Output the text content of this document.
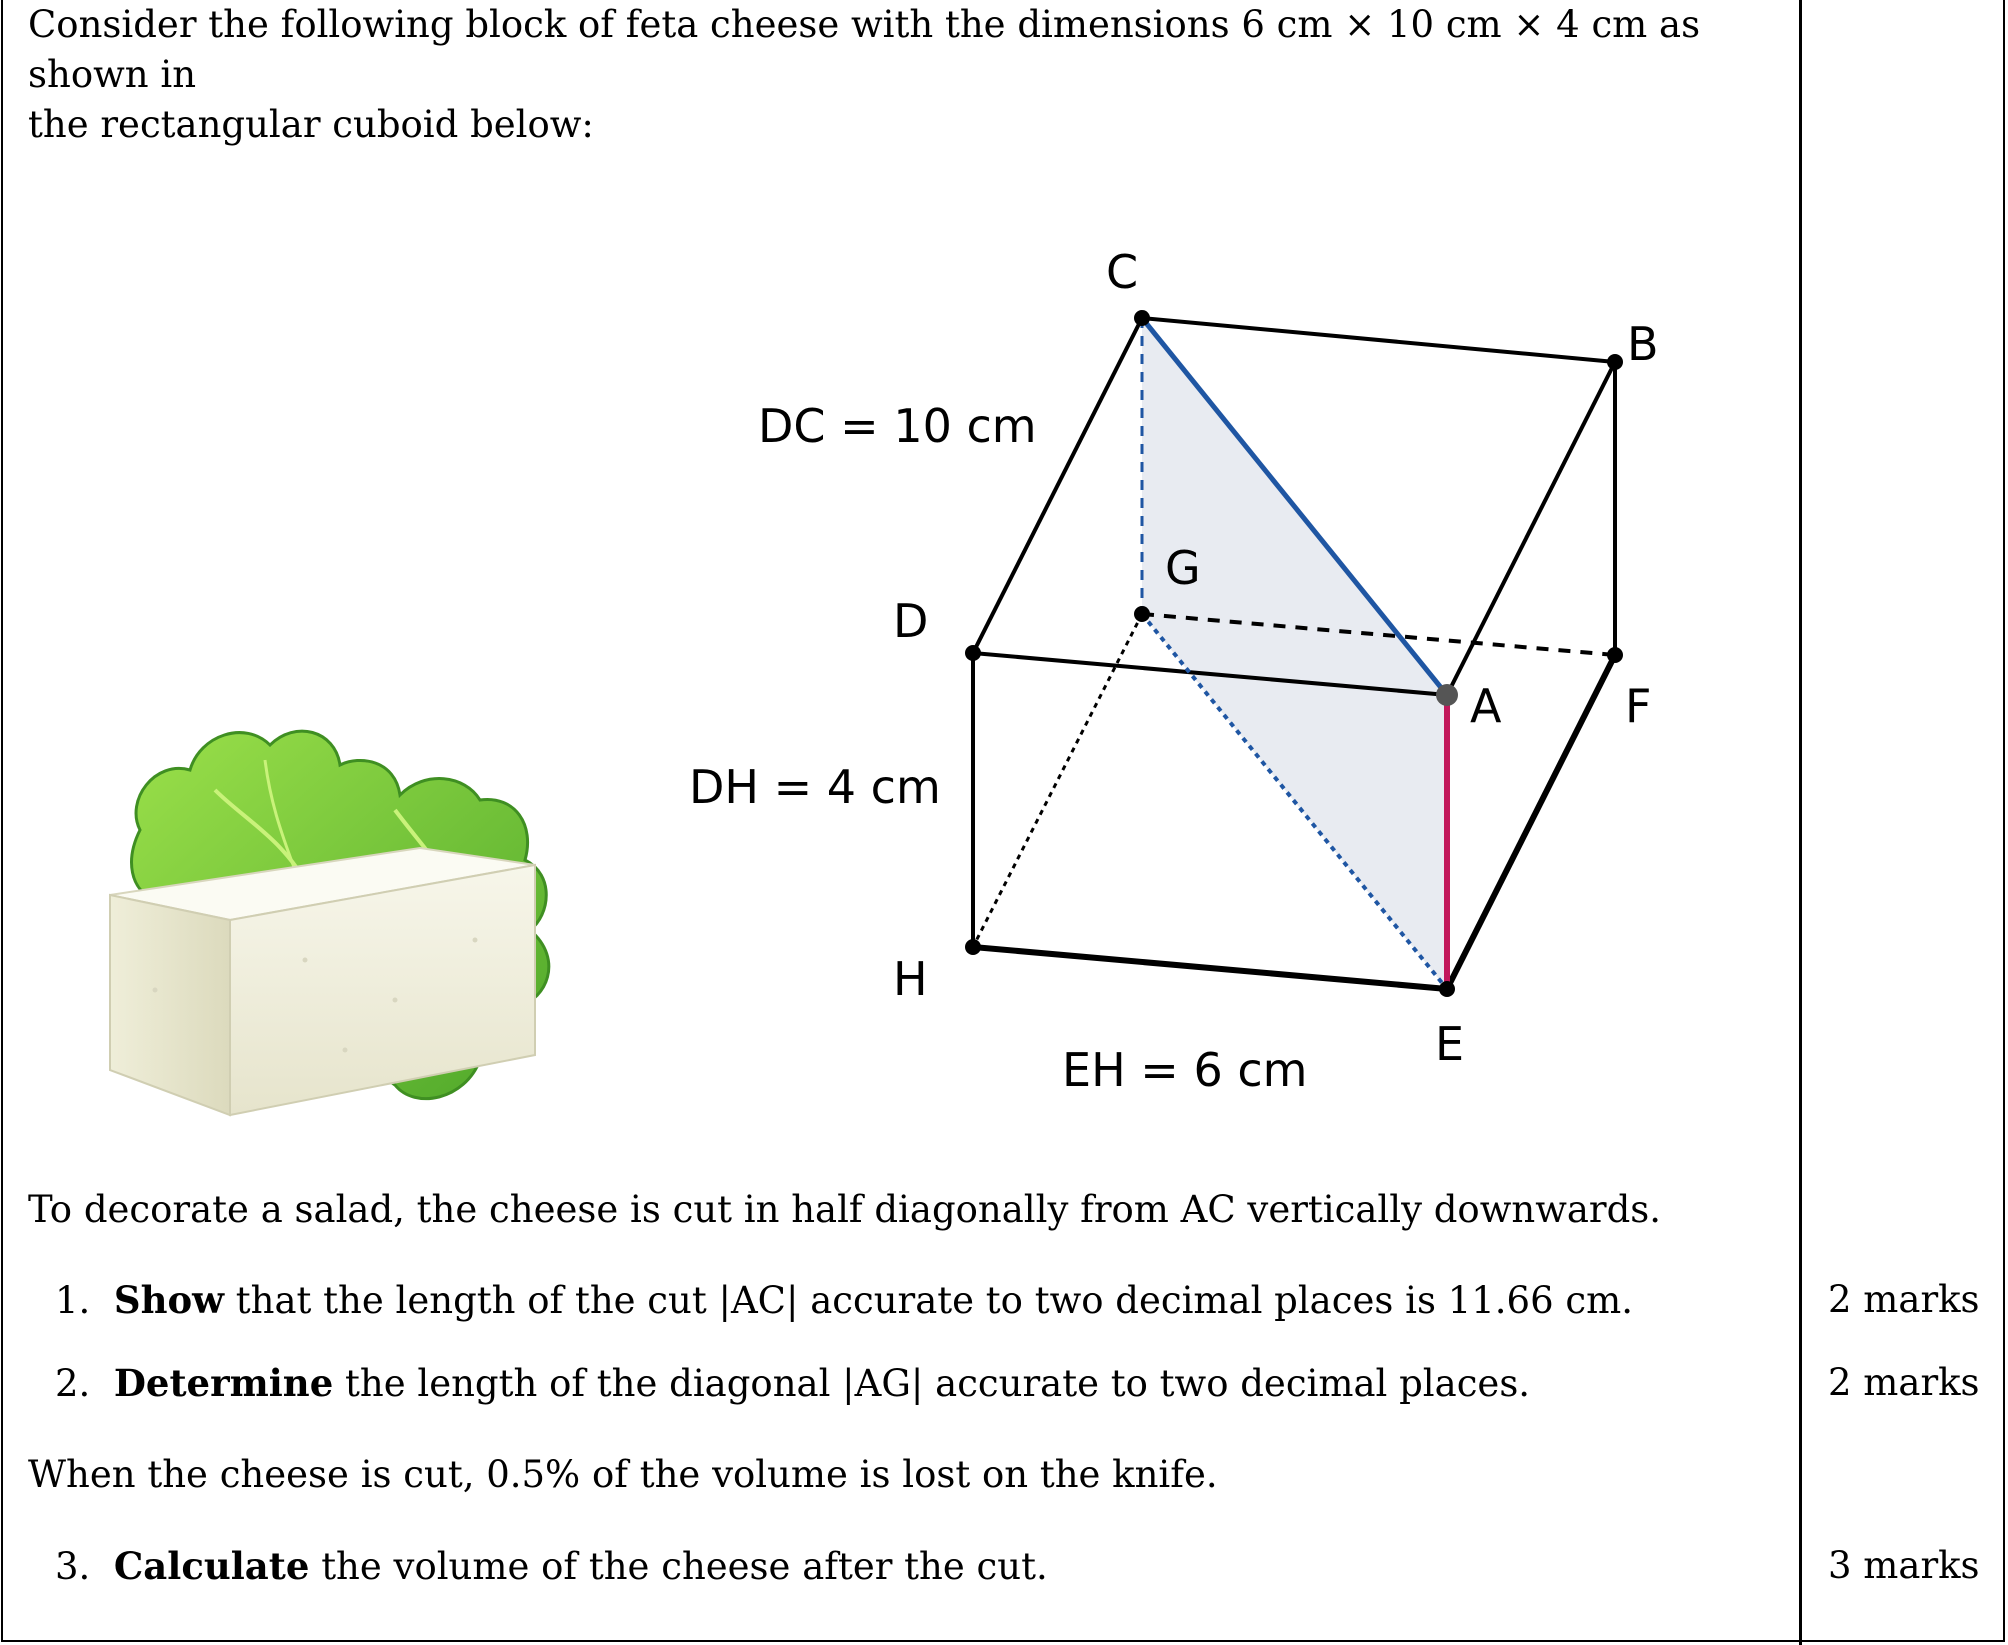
Consider the following block of feta cheese with the dimensions 6 cm × 10 cm × 4 cm as shown in
the rectangular cuboid below:
C
B
G
D
A	F
H
E
DC = 10 cm
DH = 4 cm
EH = 6 cm
To decorate a salad, the cheese is cut in half diagonally from AC vertically downwards.
1. Show that the length of the cut |AC| accurate to two decimal places is 11.66 cm.	2 marks
2. Determine the length of the diagonal |AG| accurate to two decimal places.	2 marks
When the cheese is cut, 0.5% of the volume is lost on the knife.
3. Calculate the volume of the cheese after the cut.	3 marks
